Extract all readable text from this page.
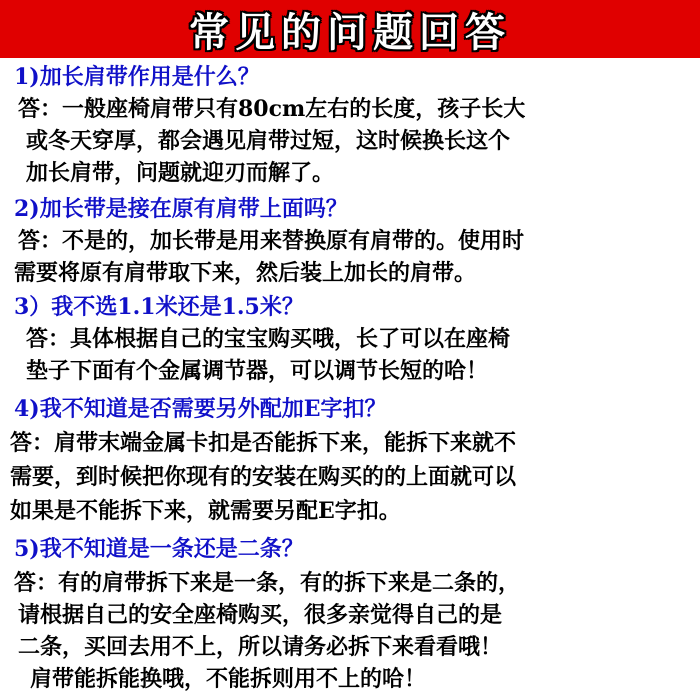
常见的问题回答
1)加长肩带作用是什么？
答：一般座椅肩带只有80cm左右的长度，孩子长大
或冬天穿厚，都会遇见肩带过短，这时候换长这个
加长肩带，问题就迎刃而解了。
2)加长带是接在原有肩带上面吗？
答：不是的，加长带是用来替换原有肩带的。使用时
需要将原有肩带取下来，然后装上加长的肩带。
3）我不选1.1米还是1.5米？
答：具体根据自己的宝宝购买哦，长了可以在座椅
垫子下面有个金属调节器，可以调节长短的哈！
4)我不知道是否需要另外配加E字扣？
答：肩带末端金属卡扣是否能拆下来，能拆下来就不
需要，到时候把你现有的安装在购买的的上面就可以
如果是不能拆下来，就需要另配E字扣。
5)我不知道是一条还是二条？
答：有的肩带拆下来是一条，有的拆下来是二条的，
请根据自己的安全座椅购买，很多亲觉得自己的是
二条，买回去用不上，所以请务必拆下来看看哦！
肩带能拆能换哦，不能拆则用不上的哈！
